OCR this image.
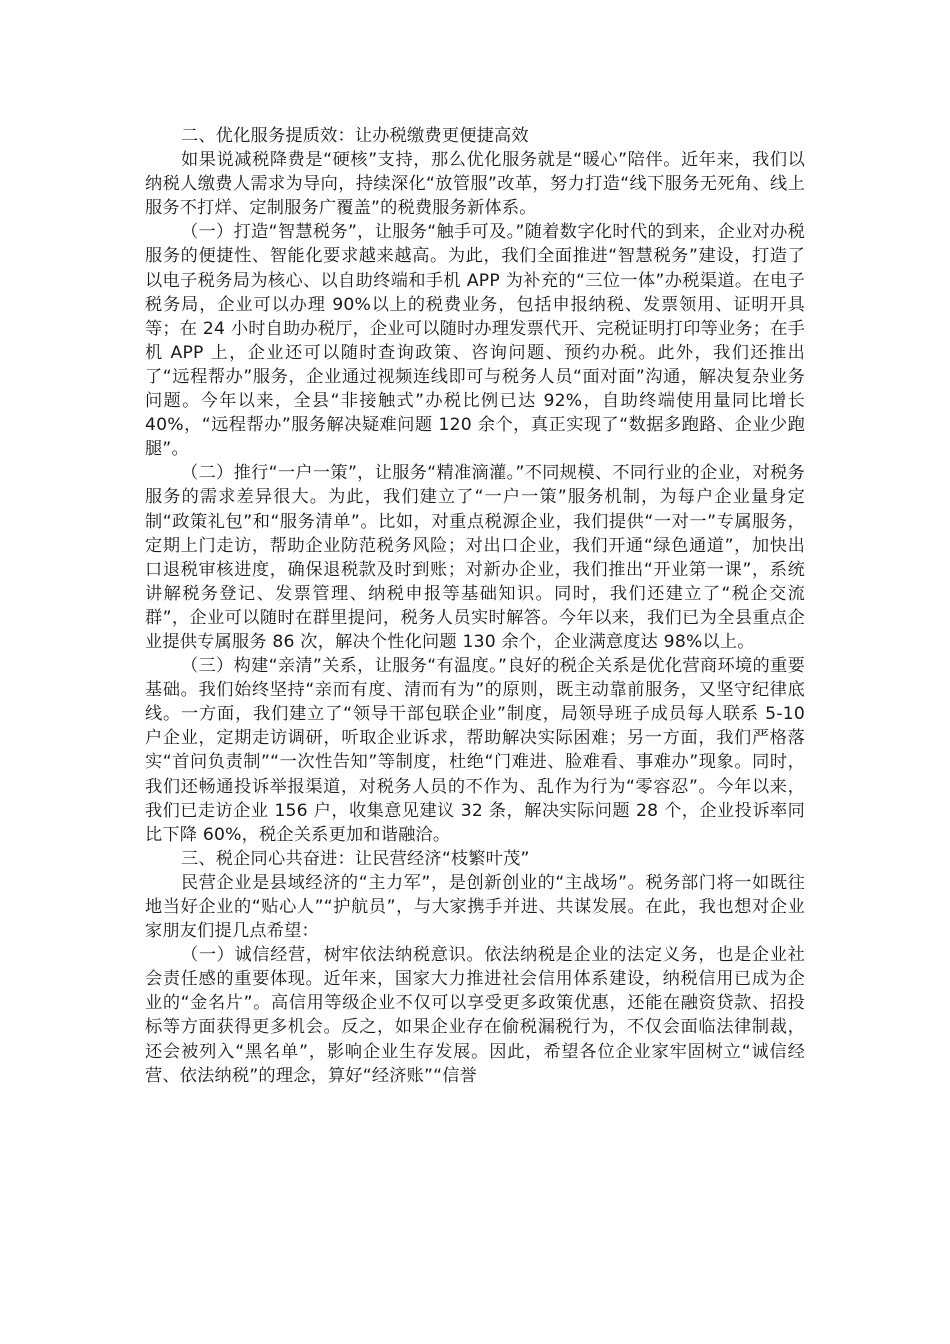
二、优化服务提质效：让办税缴费更便捷高效

如果说减税降费是“硬核”支持，那么优化服务就是“暖心”陪伴。近年来，我们以纳税人缴费人需求为导向，持续深化“放管服”改革，努力打造“线下服务无死角、线上服务不打烊、定制服务广覆盖”的税费服务新体系。

（一）打造“智慧税务”，让服务“触手可及。”随着数字化时代的到来，企业对办税服务的便捷性、智能化要求越来越高。为此，我们全面推进“智慧税务”建设，打造了以电子税务局为核心、以自助终端和手机 APP 为补充的“三位一体”办税渠道。在电子税务局，企业可以办理 90%以上的税费业务，包括申报纳税、发票领用、证明开具等；在 24 小时自助办税厅，企业可以随时办理发票代开、完税证明打印等业务；在手机 APP 上，企业还可以随时查询政策、咨询问题、预约办税。此外，我们还推出了“远程帮办”服务，企业通过视频连线即可与税务人员“面对面”沟通，解决复杂业务问题。今年以来，全县“非接触式”办税比例已达 92%，自助终端使用量同比增长 40%，“远程帮办”服务解决疑难问题 120 余个，真正实现了“数据多跑路、企业少跑腿”。

（二）推行“一户一策”，让服务“精准滴灌。”不同规模、不同行业的企业，对税务服务的需求差异很大。为此，我们建立了“一户一策”服务机制，为每户企业量身定制“政策礼包”和“服务清单”。比如，对重点税源企业，我们提供“一对一”专属服务，定期上门走访，帮助企业防范税务风险；对出口企业，我们开通“绿色通道”，加快出口退税审核进度，确保退税款及时到账；对新办企业，我们推出“开业第一课”，系统讲解税务登记、发票管理、纳税申报等基础知识。同时，我们还建立了“税企交流群”，企业可以随时在群里提问，税务人员实时解答。今年以来，我们已为全县重点企业提供专属服务 86 次，解决个性化问题 130 余个，企业满意度达 98%以上。

（三）构建“亲清”关系，让服务“有温度。”良好的税企关系是优化营商环境的重要基础。我们始终坚持“亲而有度、清而有为”的原则，既主动靠前服务，又坚守纪律底线。一方面，我们建立了“领导干部包联企业”制度，局领导班子成员每人联系 5-10 户企业，定期走访调研，听取企业诉求，帮助解决实际困难；另一方面，我们严格落实“首问负责制”“一次性告知”等制度，杜绝“门难进、脸难看、事难办”现象。同时，我们还畅通投诉举报渠道，对税务人员的不作为、乱作为行为“零容忍”。今年以来，我们已走访企业 156 户，收集意见建议 32 条，解决实际问题 28 个，企业投诉率同比下降 60%，税企关系更加和谐融洽。

三、税企同心共奋进：让民营经济“枝繁叶茂”

民营企业是县域经济的“主力军”，是创新创业的“主战场”。税务部门将一如既往地当好企业的“贴心人”“护航员”，与大家携手并进、共谋发展。在此，我也想对企业家朋友们提几点希望：

（一）诚信经营，树牢依法纳税意识。依法纳税是企业的法定义务，也是企业社会责任感的重要体现。近年来，国家大力推进社会信用体系建设，纳税信用已成为企业的“金名片”。高信用等级企业不仅可以享受更多政策优惠，还能在融资贷款、招投标等方面获得更多机会。反之，如果企业存在偷税漏税行为，不仅会面临法律制裁，还会被列入“黑名单”，影响企业生存发展。因此，希望各位企业家牢固树立“诚信经营、依法纳税”的理念，算好“经济账”“信誉
